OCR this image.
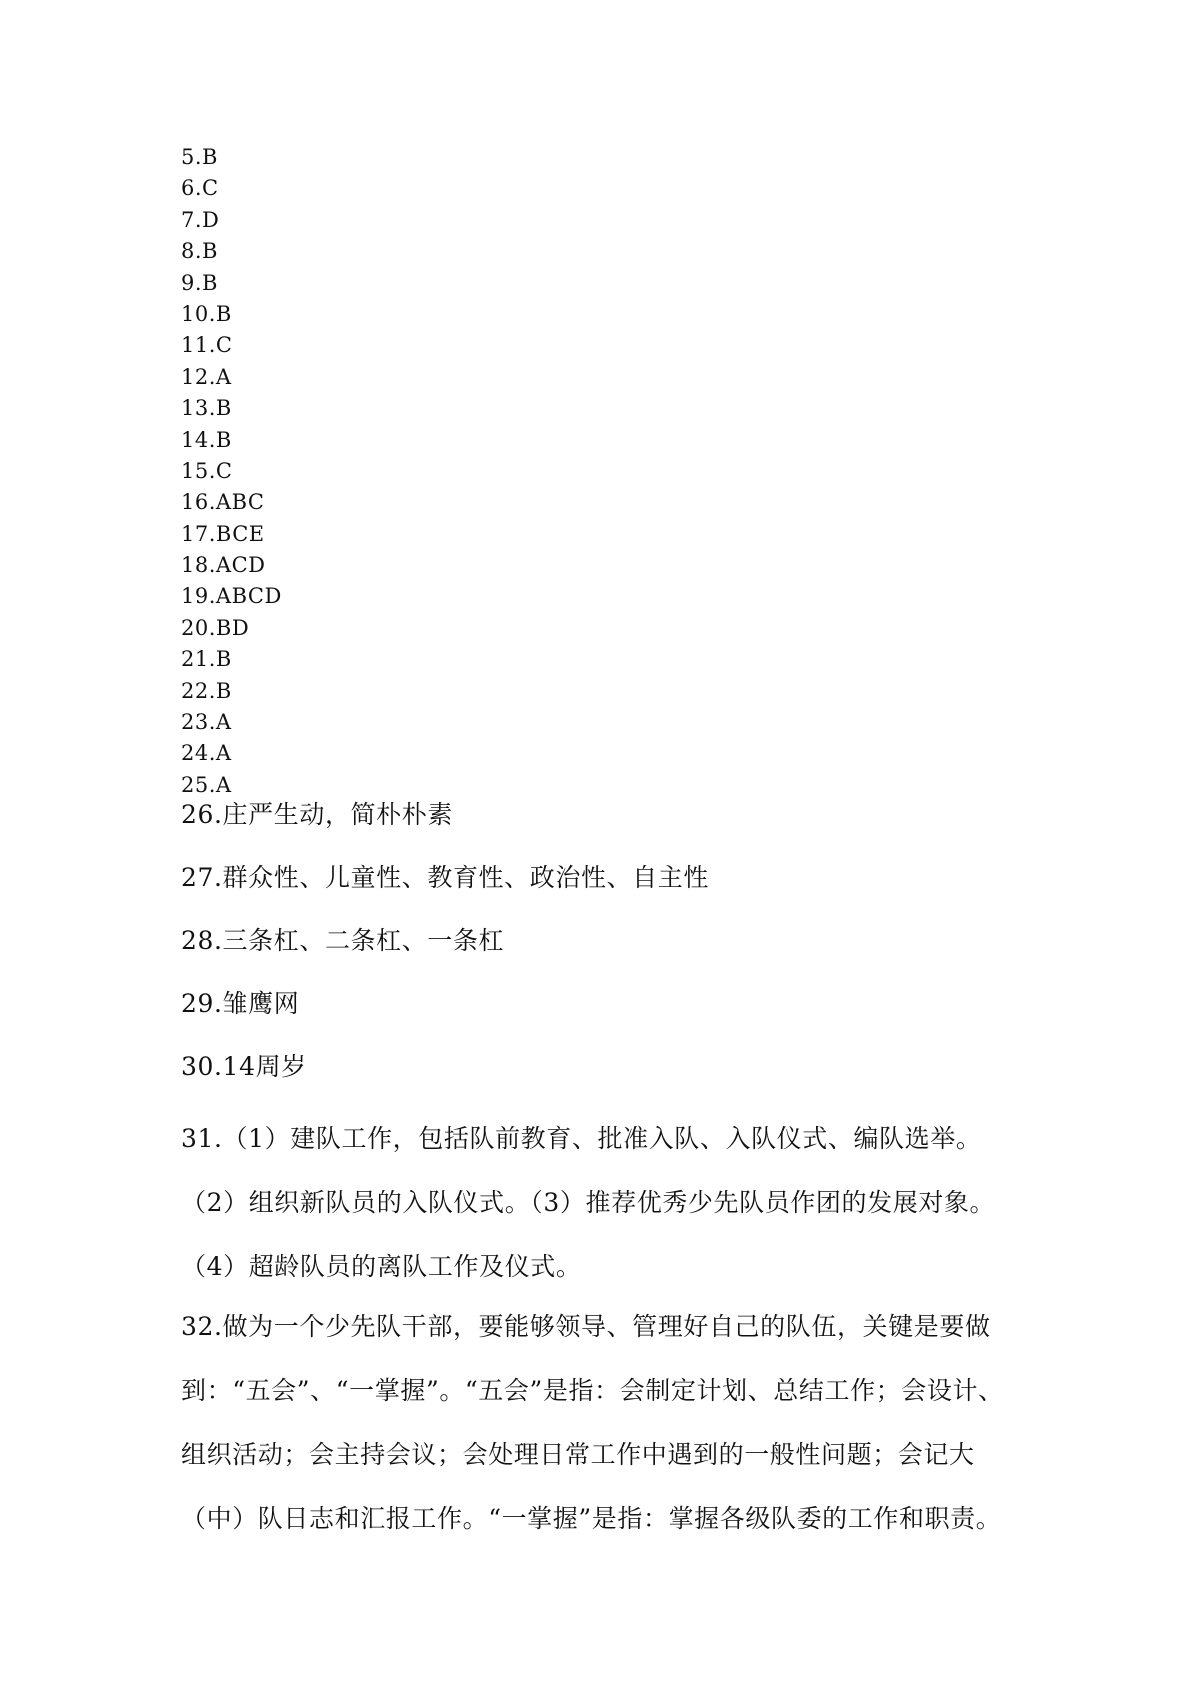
5.B
6.C
7.D
8.B
9.B
10.B
11.C
12.A
13.B
14.B
15.C
16.ABC
17.BCE
18.ACD
19.ABCD
20.BD
21.B
22.B
23.A
24.A
25.A

26.庄严生动，简朴朴素

27.群众性、儿童性、教育性、政治性、自主性

28.三条杠、二条杠、一条杠

29.雏鹰网

30.14周岁

31.（1）建队工作，包括队前教育、批准入队、入队仪式、编队选举。
（2）组织新队员的入队仪式。（3）推荐优秀少先队员作团的发展对象。
（4）超龄队员的离队工作及仪式。
32.做为一个少先队干部，要能够领导、管理好自己的队伍，关键是要做
到：“五会”、“一掌握”。“五会”是指：会制定计划、总结工作；会设计、
组织活动；会主持会议；会处理日常工作中遇到的一般性问题；会记大
（中）队日志和汇报工作。“一掌握”是指：掌握各级队委的工作和职责。
